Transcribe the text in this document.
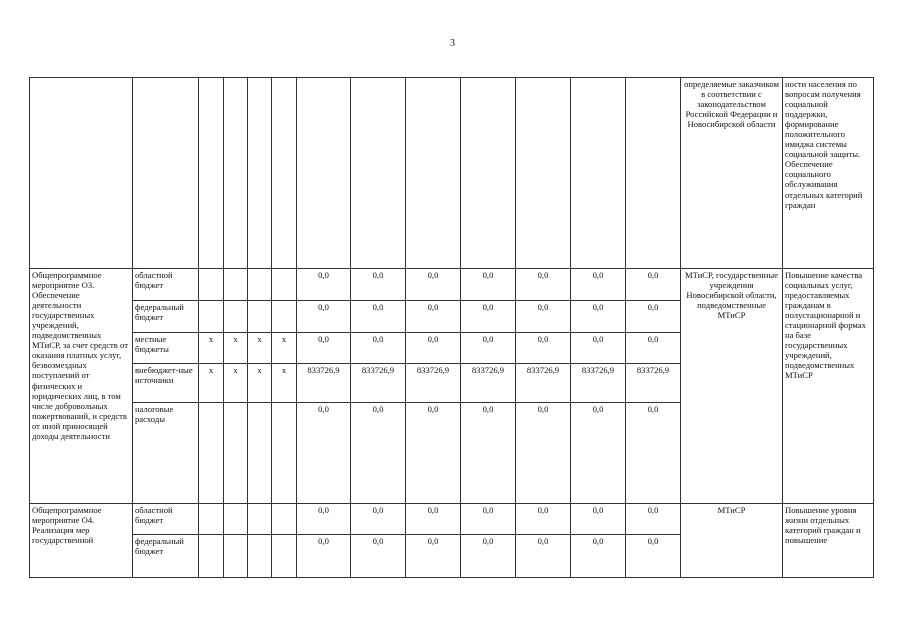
3
													определяемые заказчиком в соответствии с законодательством Российской Федерации и Новосибирской области	ности населения по вопросам получения социальной поддержки, формирование положительного имиджа системы социальной защиты. Обеспечение социального обслуживания отдельных категорий граждан
Общепрограммное мероприятие О3. Обеспечение деятельности государственных учреждений, подведомственных МТиСР, за счет средств от оказания платных услуг, безвозмездных поступлений от физических и юридических лиц, в том числе добровольных пожертвований, и средств от иной приносящей доходы деятельности	областной бюджет					0,0	0,0	0,0	0,0	0,0	0,0	0,0	МТиСР, государственные учреждения Новосибирской области, подведомственные МТиСР	Повышение качества социальных услуг, предоставляемых гражданам в полустационарной и стационарной формах на базе государственных учреждений, подведомственных МТиСР
	федеральный бюджет					0,0	0,0	0,0	0,0	0,0	0,0	0,0		
	местные бюджеты	x	x	x	x	0,0	0,0	0,0	0,0	0,0	0,0	0,0		
	внебюджет-ные источники	x	x	x	x	833726,9	833726,9	833726,9	833726,9	833726,9	833726,9	833726,9		
	налоговые расходы					0,0	0,0	0,0	0,0	0,0	0,0	0,0		
Общепрограммное мероприятие О4. Реализация мер государственной	областной бюджет					0,0	0,0	0,0	0,0	0,0	0,0	0,0	МТиСР	Повышение уровня жизни отдельных категорий граждан и повышение
	федеральный бюджет					0,0	0,0	0,0	0,0	0,0	0,0	0,0		
